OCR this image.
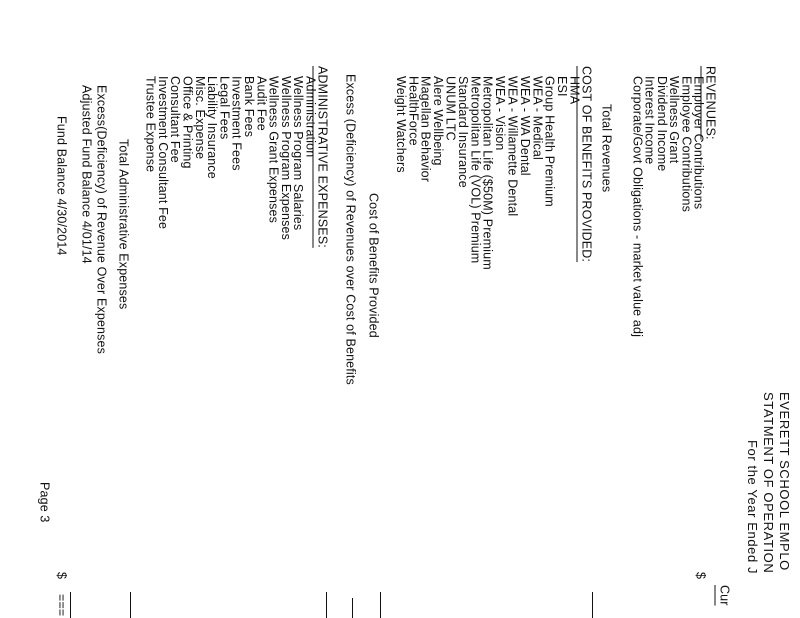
EVERETT SCHOOL EMPLO
STATMENT OF OPERATION
For the Year Ended J
Cur
REVENUES:
Employer Contributions
Employee Contributions
Wellness Grant
Dividend Income
Interest Income
Corporate/Govt Obligations - market value adj
Total Revenues
COST OF BENEFITS PROVIDED:
HMA
ESI
Group Health Premium
WEA - Medical
WEA - WA Dental
WEA - Willamette Dental
WEA - Vision
Metropolitan Life ($50M) Premium
Metropolitan Life (VOL) Premium
Standard Insurance
UNUM LTC
Alere Wellbeing
Magellan Behavior
HealthForce
Weight Watchers
Cost of Benefits Provided
Excess (Deficiency) of Revenues over Cost of Benefits
ADMINISTRATIVE EXPENSES:
Administration
Wellness Program Salaries
Wellness Program Expenses
Wellness Grant Expenses
Audit Fee
Bank Fees
Investment Fees
Legal Fees
Liability Insurance
Misc. Expense
Office & Printing
Consultant Fee
Investment Consultant Fee
Trustee Expense
Total Administrative Expenses
Excess(Deficiency) of Revenue Over Expenses
Adjusted Fund Balance 4/01/14
Fund Balance 4/30/2014
Page 3
$
$
===
